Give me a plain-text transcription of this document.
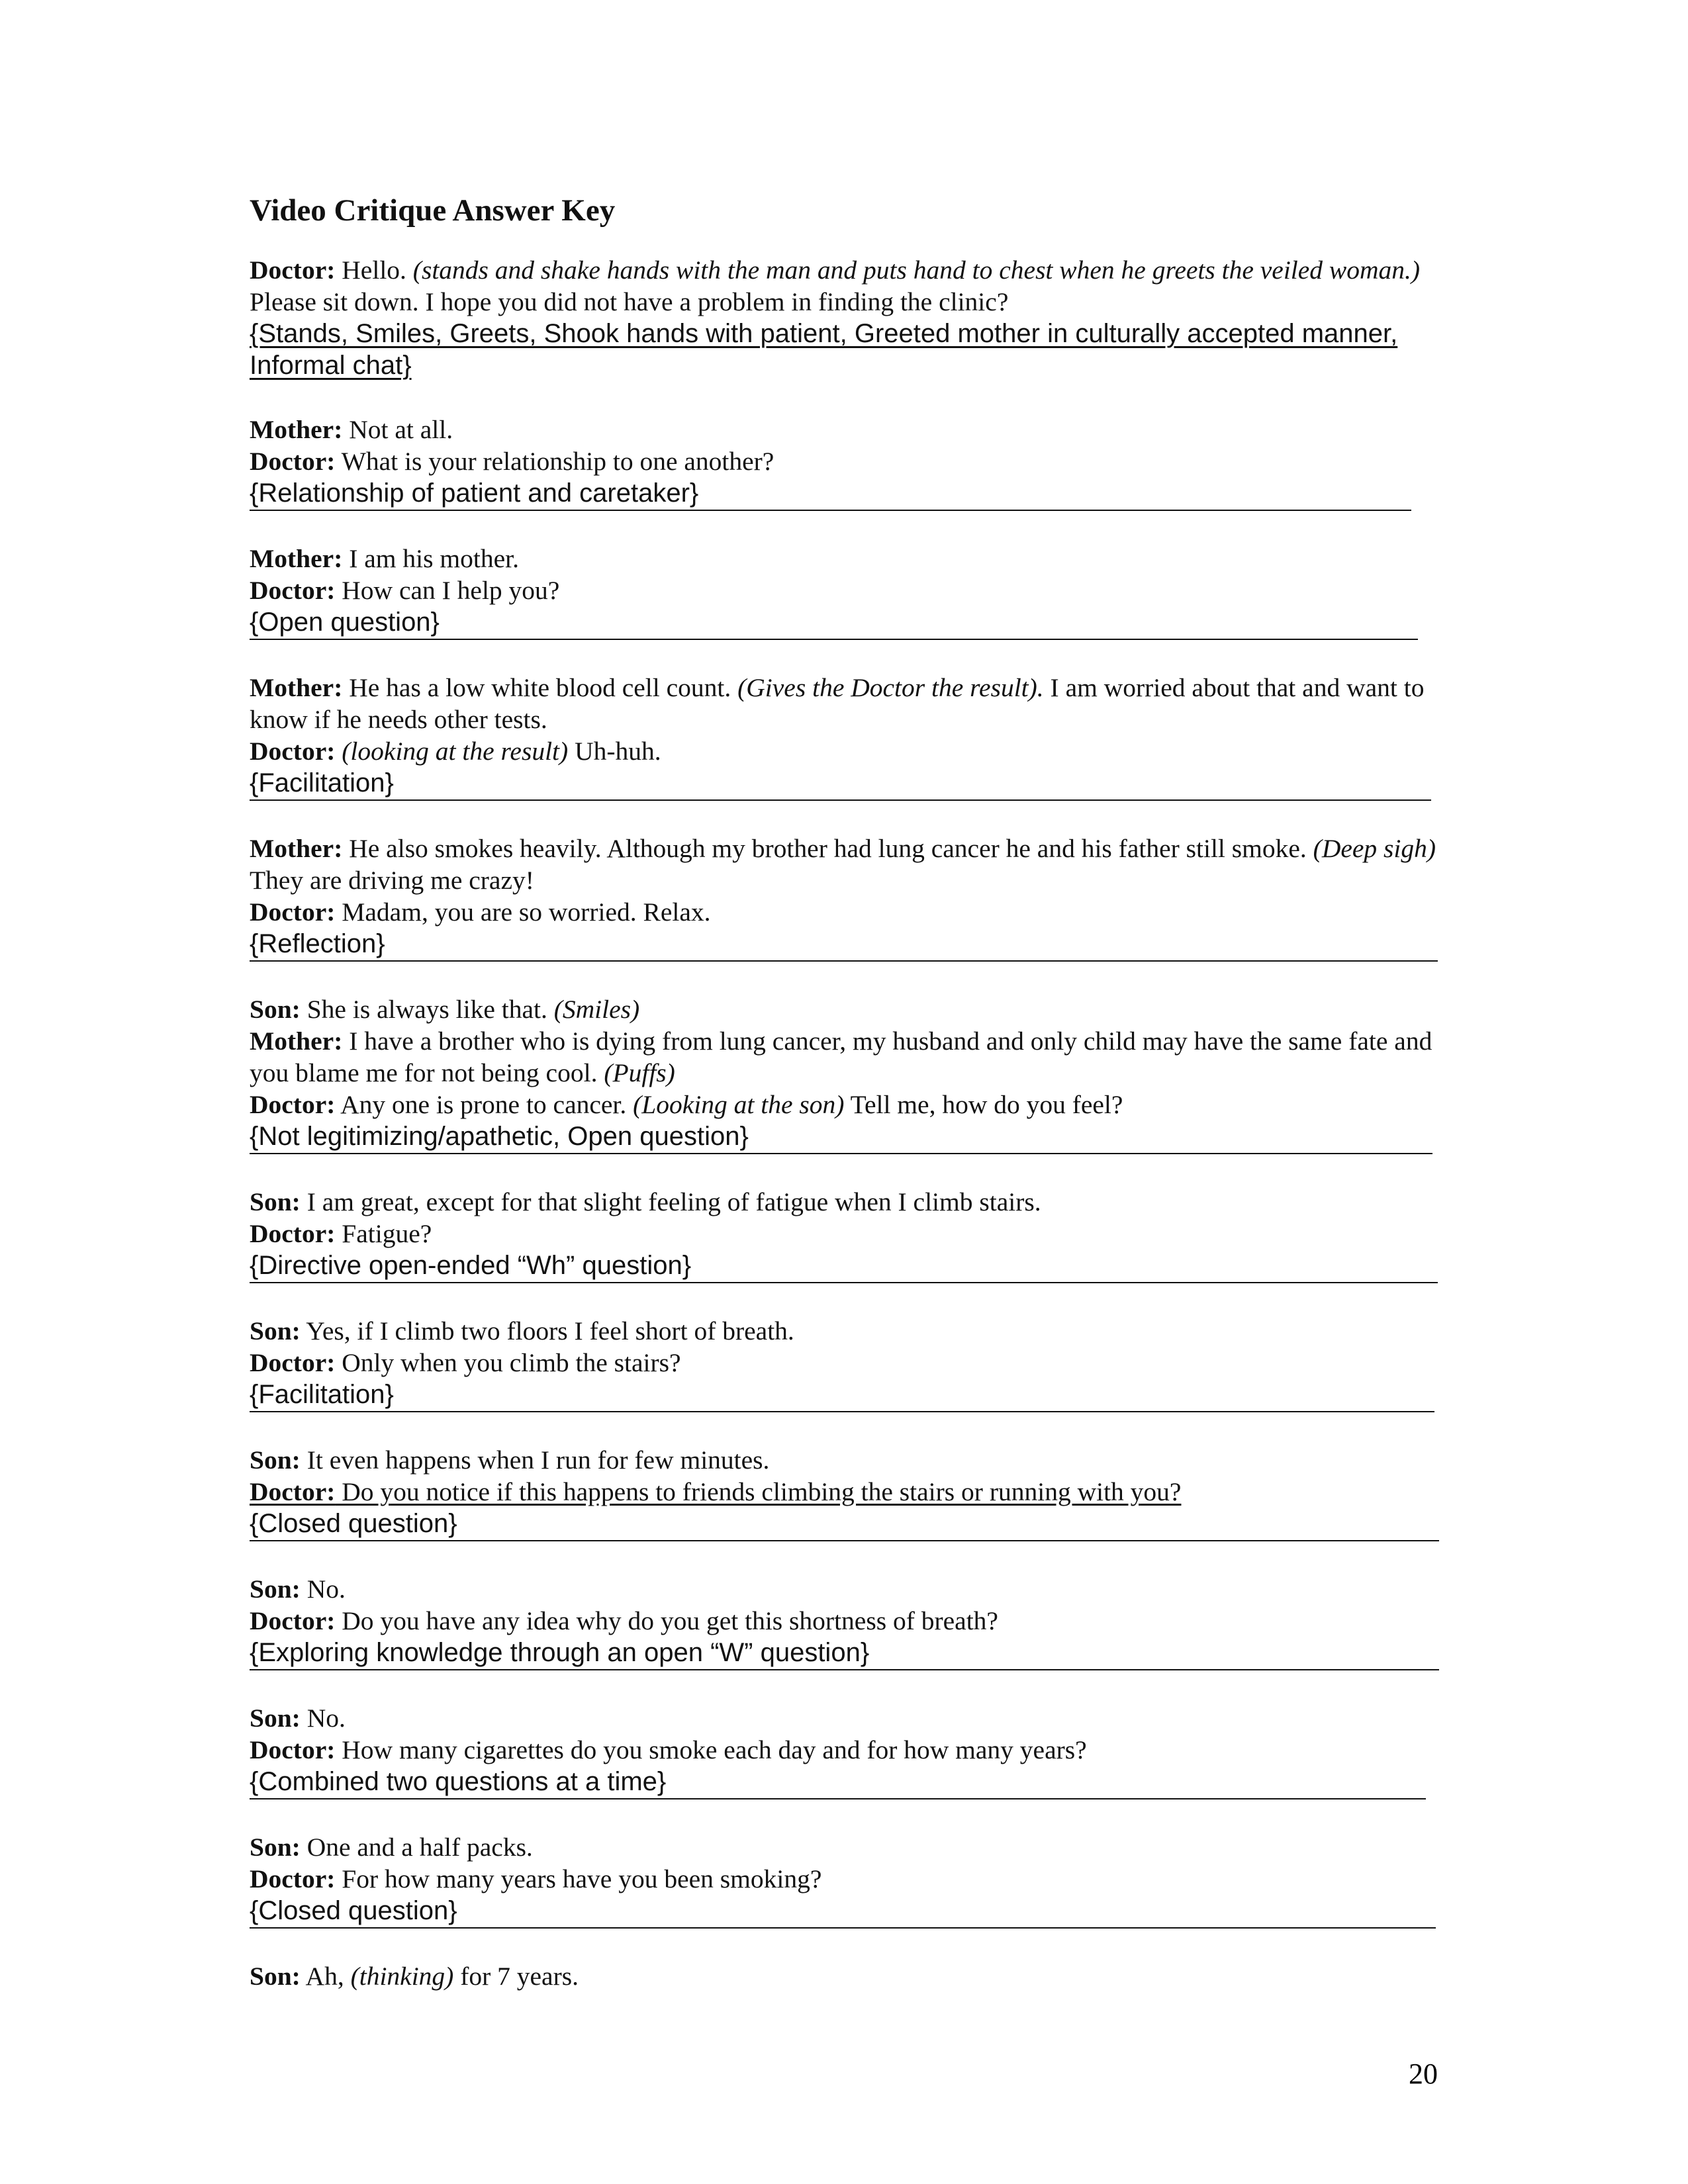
Video Critique Answer Key
Doctor: Hello. (stands and shake hands with the man and puts hand to chest when he greets the veiled woman.) Please sit down. I hope you did not have a problem in finding the clinic?
{Stands, Smiles, Greets, Shook hands with patient, Greeted mother in culturally accepted manner, Informal chat}
Mother: Not at all.
Doctor: What is your relationship to one another?
{Relationship of patient and caretaker}
Mother: I am his mother.
Doctor: How can I help you?
{Open question}
Mother: He has a low white blood cell count. (Gives the Doctor the result). I am worried about that and want to know if he needs other tests.
Doctor: (looking at the result) Uh-huh.
{Facilitation}
Mother: He also smokes heavily. Although my brother had lung cancer he and his father still smoke. (Deep sigh) They are driving me crazy!
Doctor: Madam, you are so worried. Relax.
{Reflection}
Son: She is always like that. (Smiles)
Mother: I have a brother who is dying from lung cancer, my husband and only child may have the same fate and you blame me for not being cool. (Puffs)
Doctor: Any one is prone to cancer. (Looking at the son) Tell me, how do you feel?
{Not legitimizing/apathetic, Open question}
Son: I am great, except for that slight feeling of fatigue when I climb stairs.
Doctor: Fatigue?
{Directive open-ended “Wh” question}
Son: Yes, if I climb two floors I feel short of breath.
Doctor: Only when you climb the stairs?
{Facilitation}
Son: It even happens when I run for few minutes.
Doctor: Do you notice if this happens to friends climbing the stairs or running with you?
{Closed question}
Son: No.
Doctor: Do you have any idea why do you get this shortness of breath?
{Exploring knowledge through an open “W” question}
Son: No.
Doctor: How many cigarettes do you smoke each day and for how many years?
{Combined two questions at a time}
Son: One and a half packs.
Doctor: For how many years have you been smoking?
{Closed question}
Son: Ah, (thinking) for 7 years.
20
